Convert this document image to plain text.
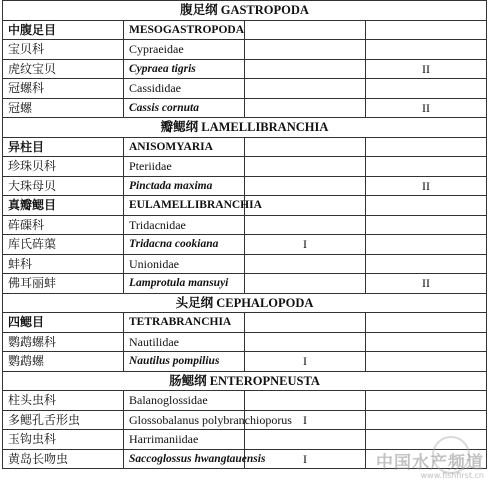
腹足纲 GASTROPODA			
中腹足目	MESOGASTROPODA		
宝贝科	Cypraeidae		
虎纹宝贝	Cypraea tigris		II
冠螺科	Cassididae		
冠螺	Cassis cornuta		II
瓣鳃纲 LAMELLIBRANCHIA			
异柱目	ANISOMYARIA		
珍珠贝科	Pteriidae		
大珠母贝	Pinctada maxima		II
真瓣鳃目	EULAMELLIBRANCHIA		
砗磲科	Tridacnidae		
库氏砗蕖	Tridacna cookiana	I	
蚌科	Unionidae		
佛耳丽蚌	Lamprotula mansuyi		II
头足纲 CEPHALOPODA			
四鳃目	TETRABRANCHIA		
鹦鹉螺科	Nautilidae		
鹦鹉螺	Nautilus pompilius	I	
肠鳃纲 ENTEROPNEUSTA			
柱头虫科	Balanoglossidae		
多鳃孔舌形虫	Glossobalanus polybranchioporus	I	
玉钩虫科	Harrimaniidae		
黄岛长吻虫	Saccoglossus hwangtauensis	I		中国水产频道
www.fishfirst.cn
